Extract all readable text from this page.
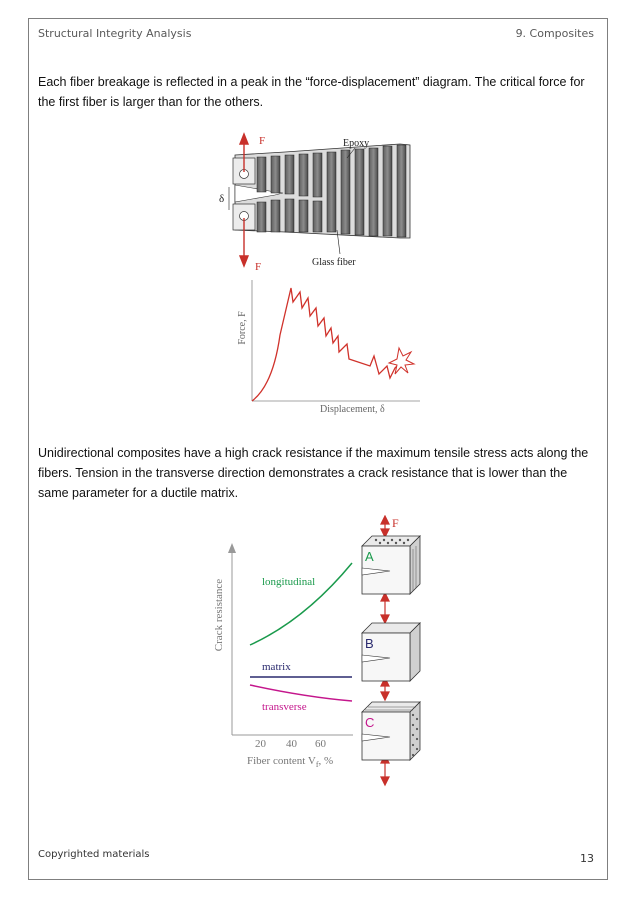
Structural Integrity Analysis	9. Composites
Each fiber breakage is reflected in a peak in the “force-displacement” diagram. The critical force for the first fiber is larger than for the others.
F
F
Epoxy
δ
Glass fiber
Force, F
Displacement, δ
Unidirectional composites have a high crack resistance if the maximum tensile stress acts along the fibers. Tension in the transverse direction demonstrates a crack resistance that is lower than the same parameter for a ductile matrix.
Crack resistance
20 40 60
Fiber content $V_f$, %
longitudinal
matrix
transverse
F
A
B
C
Copyrighted materials	13
